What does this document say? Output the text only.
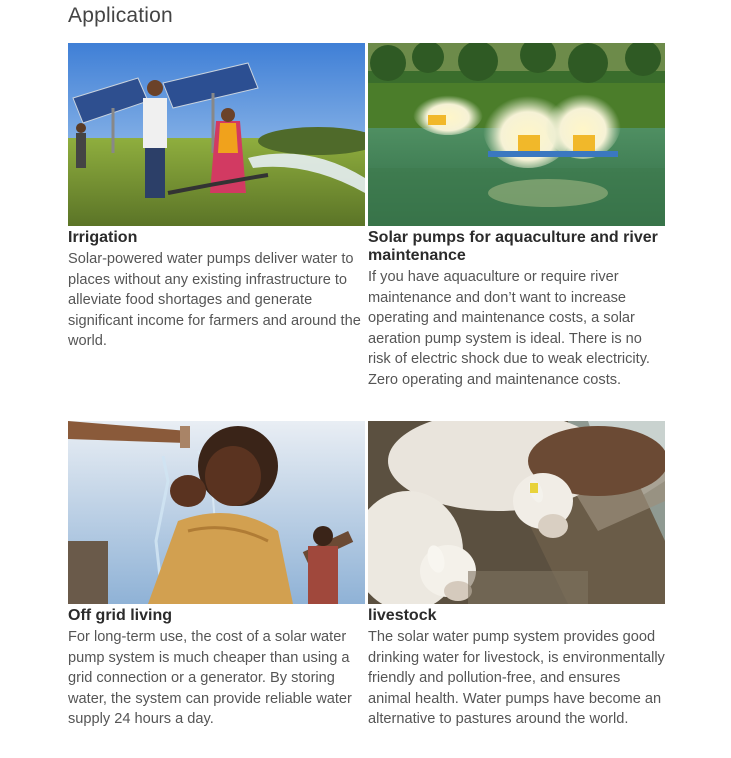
Application
Irrigation

Solar-powered water pumps deliver water to places without any existing infrastructure to alleviate food shortages and generate
significant income for farmers and around the world.

Solar pumps for aquaculture and river maintenance

If you have aquaculture or require river maintenance and don’t want to increase operating and maintenance costs, a solar aeration pump system is ideal. There is no risk of electric shock due to weak electricity. Zero operating and maintenance costs.

Off grid living

For long-term use, the cost of a solar water pump system is much cheaper than using a grid connection or a generator. By storing water, the system can provide reliable water supply 24 hours a day.

livestock

The solar water pump system provides good drinking water for livestock, is environmentally friendly and pollution-free, and ensures animal health. Water pumps have become an alternative to pastures around the world.
